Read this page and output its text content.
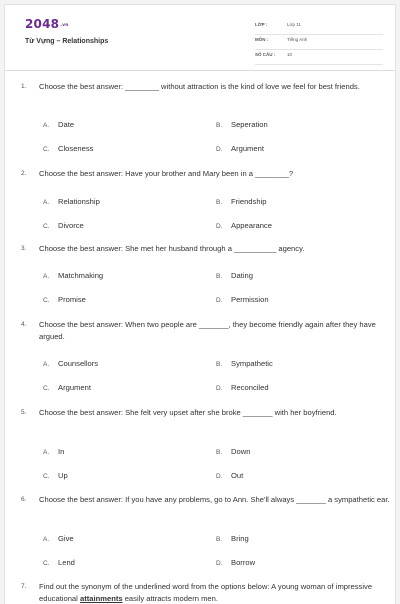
2048.vn
Từ Vựng – Relationships
LỚP :	Lớp 11
MÔN :	Tiếng Anh
SỐ CÂU :	10
1.	Choose the best answer: ________ without attraction is the kind of love we feel for best friends.
A. Date	B. Seperation
C. Closeness	D. Argument
2.	Choose the best answer: Have your brother and Mary been in a ________?
A. Relationship	B. Friendship
C. Divorce	D. Appearance
3.	Choose the best answer: She met her husband through a __________ agency.
A. Matchmaking	B. Dating
C. Promise	D. Permission
4.	Choose the best answer: When two people are _______, they become friendly again after they have argued.
A. Counsellors	B. Sympathetic
C. Argument	D. Reconciled
5.	Choose the best answer: She felt very upset after she broke _______ with her boyfriend.
A. In	B. Down
C. Up	D. Out
6.	Choose the best answer: If you have any problems, go to Ann. She'll always _______ a sympathetic ear.
A. Give	B. Bring
C. Lend	D. Borrow
7.	Find out the synonym of the underlined word from the options below: A young woman of impressive educational attainments easily attracts modern men.
